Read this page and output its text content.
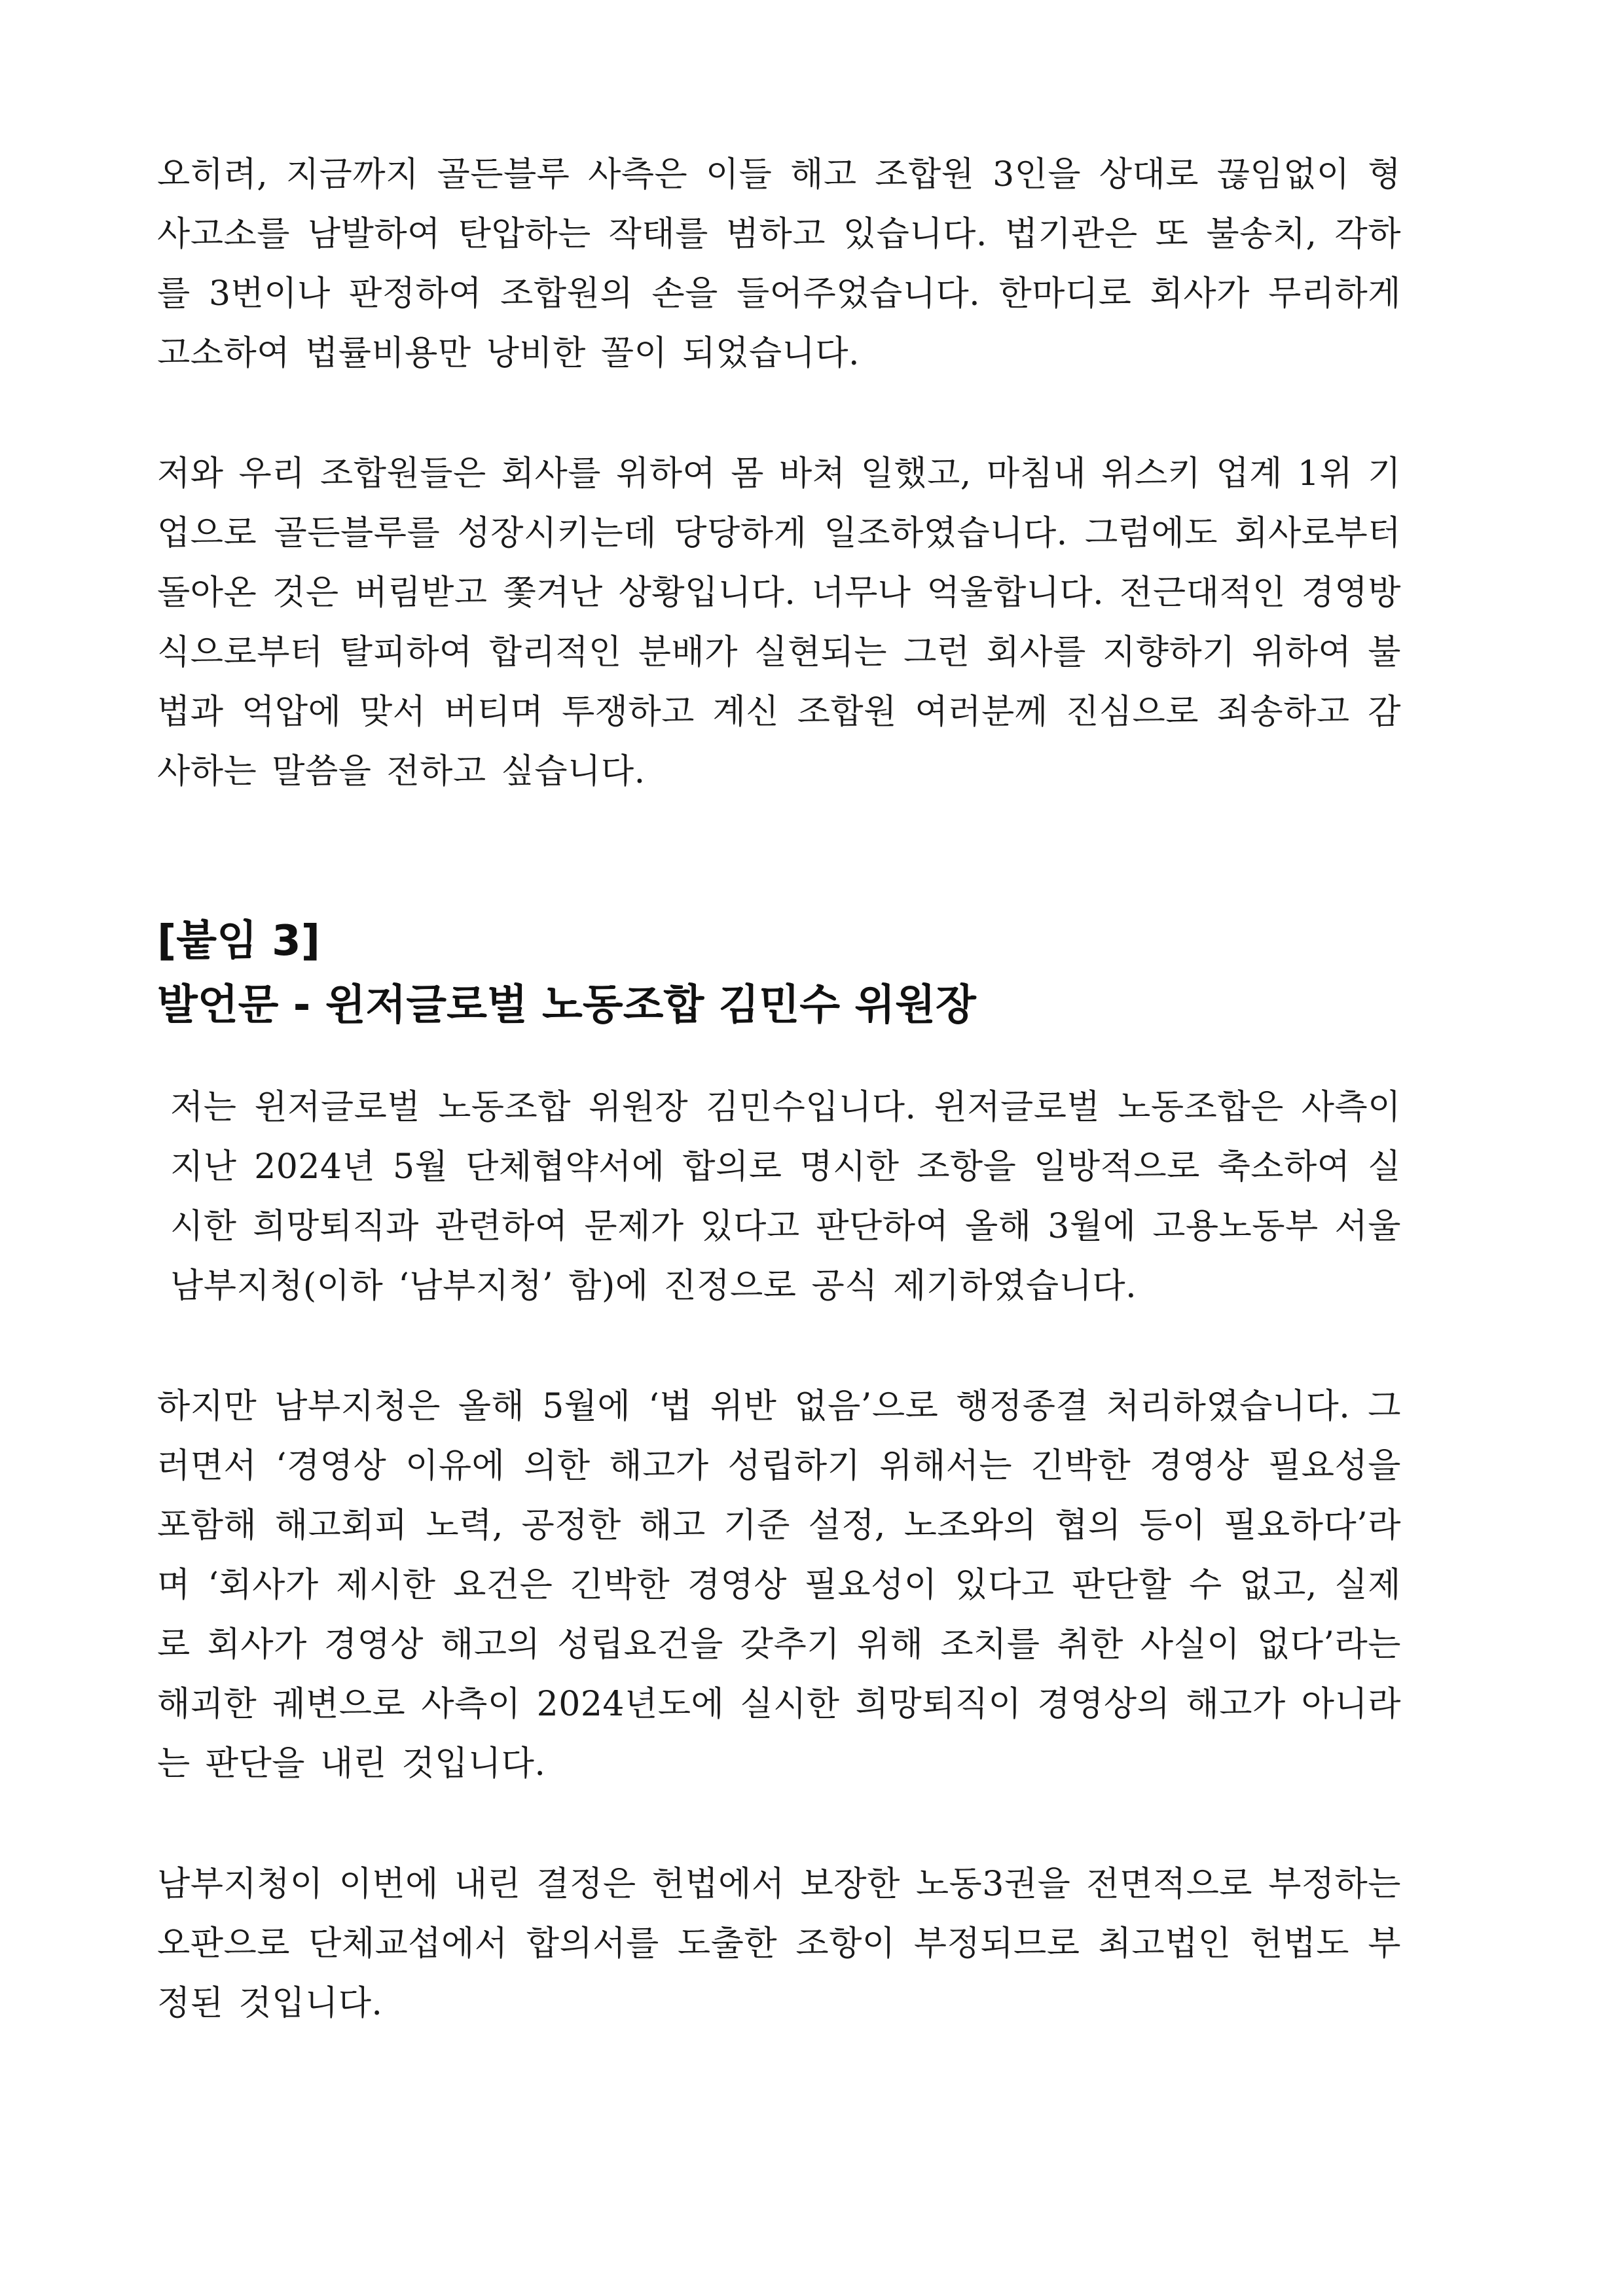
오히려, 지금까지 골든블루 사측은 이들 해고 조합원 3인을 상대로 끊임없이 형사고소를 남발하여 탄압하는 작태를 범하고 있습니다. 법기관은 또 불송치, 각하를 3번이나 판정하여 조합원의 손을 들어주었습니다. 한마디로 회사가 무리하게 고소하여 법률비용만 낭비한 꼴이 되었습니다.

저와 우리 조합원들은 회사를 위하여 몸 바쳐 일했고, 마침내 위스키 업계 1위 기업으로 골든블루를 성장시키는데 당당하게 일조하였습니다. 그럼에도 회사로부터 돌아온 것은 버림받고 쫓겨난 상황입니다. 너무나 억울합니다. 전근대적인 경영방식으로부터 탈피하여 합리적인 분배가 실현되는 그런 회사를 지향하기 위하여 불법과 억압에 맞서 버티며 투쟁하고 계신 조합원 여러분께 진심으로 죄송하고 감사하는 말씀을 전하고 싶습니다.

[붙임 3]
발언문 - 윈저글로벌 노동조합 김민수 위원장

저는 윈저글로벌 노동조합 위원장 김민수입니다. 윈저글로벌 노동조합은 사측이 지난 2024년 5월 단체협약서에 합의로 명시한 조항을 일방적으로 축소하여 실시한 희망퇴직과 관련하여 문제가 있다고 판단하여 올해 3월에 고용노동부 서울남부지청(이하 ‘남부지청’ 함)에 진정으로 공식 제기하였습니다.

하지만 남부지청은 올해 5월에 ‘법 위반 없음’으로 행정종결 처리하였습니다. 그러면서 ‘경영상 이유에 의한 해고가 성립하기 위해서는 긴박한 경영상 필요성을 포함해 해고회피 노력, 공정한 해고 기준 설정, 노조와의 협의 등이 필요하다’라며 ‘회사가 제시한 요건은 긴박한 경영상 필요성이 있다고 판단할 수 없고, 실제로 회사가 경영상 해고의 성립요건을 갖추기 위해 조치를 취한 사실이 없다’라는 해괴한 궤변으로 사측이 2024년도에 실시한 희망퇴직이 경영상의 해고가 아니라는 판단을 내린 것입니다.

남부지청이 이번에 내린 결정은 헌법에서 보장한 노동3권을 전면적으로 부정하는 오판으로 단체교섭에서 합의서를 도출한 조항이 부정되므로 최고법인 헌법도 부정된 것입니다.
